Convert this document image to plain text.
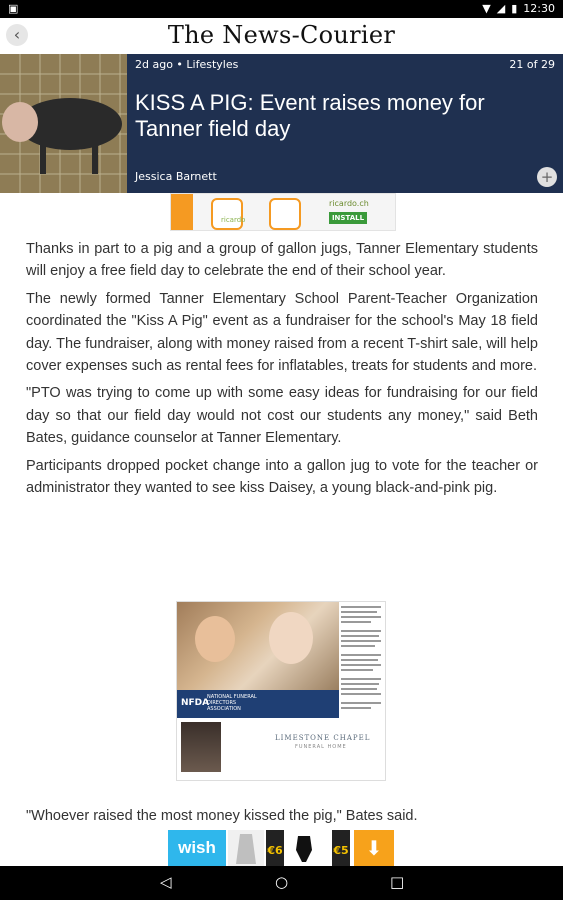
▣	▼ ◢ ▮ 12:30
‹	The News-Courier
2d ago • Lifestyles	21 of 29
KISS A PIG: Event raises money for Tanner field day
Jessica Barnett	+
ricardo
ricardo.ch
INSTALL

Thanks in part to a pig and a group of gallon jugs, Tanner Elementary students will enjoy a free field day to celebrate the end of their school year.

The newly formed Tanner Elementary School Parent-Teacher Organization coordinated the "Kiss A Pig" event as a fundraiser for the school's May 18 field day. The fundraiser, along with money raised from a recent T-shirt sale, will help cover expenses such as rental fees for inflatables, treats for students and more.

"PTO was trying to come up with some easy ideas for fundraising for our field day so that our field day would not cost our students any money," said Beth Bates, guidance counselor at Tanner Elementary.

Participants dropped pocket change into a gallon jug to vote for the teacher or administrator they wanted to see kiss Daisey, a young black-and-pink pig.

NFDA
NATIONAL FUNERAL DIRECTORS ASSOCIATION
LIMESTONE CHAPEL
FUNERAL HOME
"Whoever raised the most money kissed the pig," Bates said.
wish	€6	€5 ⬇
◁	○	□
